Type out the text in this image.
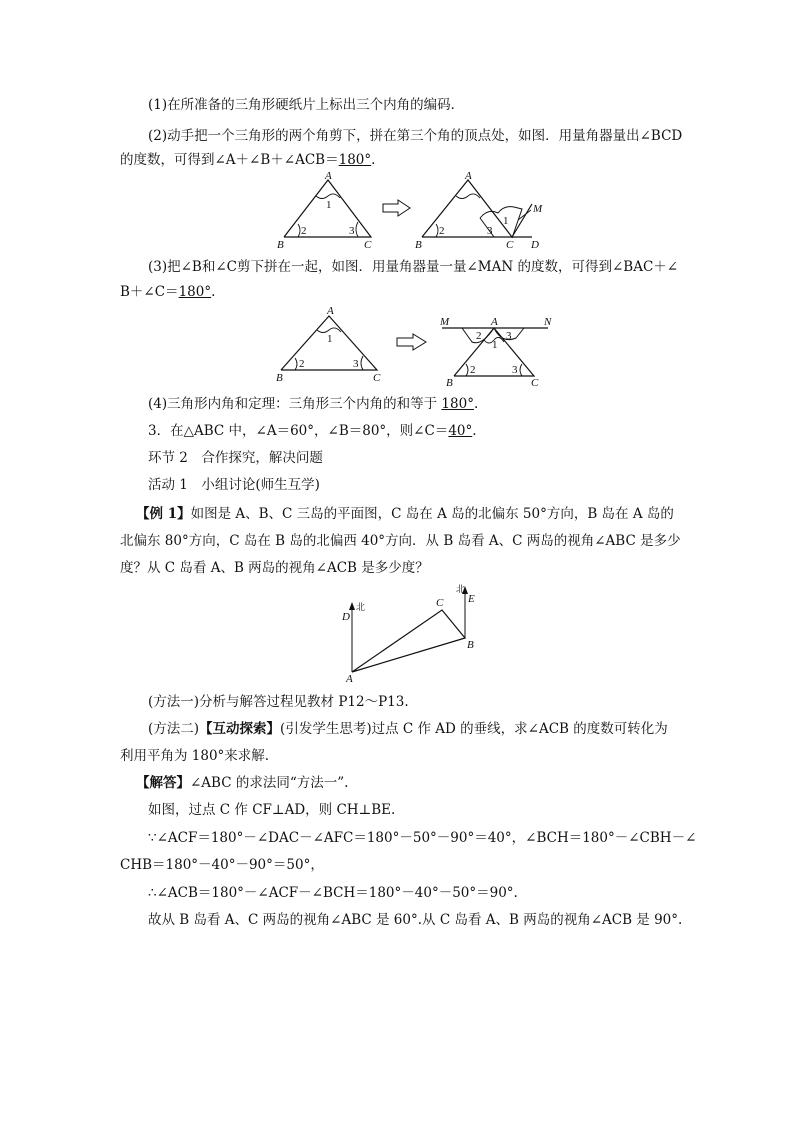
(1)在所准备的三角形硬纸片上标出三个内角的编码．
(2)动手把一个三角形的两个角剪下，拼在第三个角的顶点处，如图．用量角器量出∠BCD
的度数，可得到∠A＋∠B＋∠ACB＝180°.
A
B	C
1
2	3
A
B	C D
M
1
2	3
(3)把∠B和∠C剪下拼在一起，如图．用量角器量一量∠MAN 的度数，可得到∠BAC＋∠
B＋∠C＝180°.
A
B	C
1
2	3
M	A	N
B	C
2
1
3
2	3
(4)三角形内角和定理：三角形三个内角的和等于 180°.
3．在△ABC 中，∠A＝60°，∠B＝80°，则∠C＝40°.
环节 2　合作探究，解决问题
活动 1　小组讨论(师生互学)
【例 1】如图是 A、B、C 三岛的平面图，C 岛在 A 岛的北偏东 50°方向，B 岛在 A 岛的
北偏东 80°方向，C 岛在 B 岛的北偏西 40°方向．从 B 岛看 A、C 两岛的视角∠ABC 是多少
度？从 C 岛看 A、B 两岛的视角∠ACB 是多少度？
A
B
C
D
E
北
北
(方法一)分析与解答过程见教材 P12～P13.
(方法二)【互动探索】(引发学生思考)过点 C 作 AD 的垂线，求∠ACB 的度数可转化为
利用平角为 180°来求解.
【解答】∠ABC 的求法同“方法一”.
如图，过点 C 作 CF⊥AD，则 CH⊥BE.
∵∠ACF＝180°－∠DAC－∠AFC＝180°－50°－90°＝40°，∠BCH＝180°－∠CBH－∠
CHB＝180°－40°－90°＝50°，
∴∠ACB＝180°－∠ACF－∠BCH＝180°－40°－50°＝90°.
故从 B 岛看 A、C 两岛的视角∠ABC 是 60°.从 C 岛看 A、B 两岛的视角∠ACB 是 90°.
